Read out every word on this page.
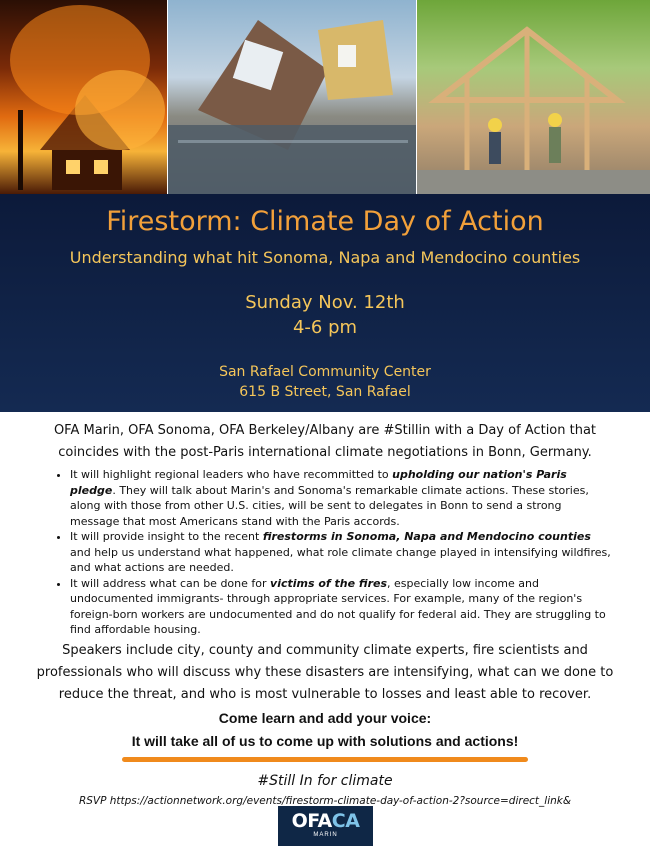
Firestorm: Climate Day of Action
Understanding what hit Sonoma, Napa and Mendocino counties
Sunday Nov. 12th
4-6 pm
San Rafael Community Center
615 B Street, San Rafael
OFA Marin, OFA Sonoma, OFA Berkeley/Albany are #Stillin with a Day of Action that coincides with the post-Paris international climate negotiations in Bonn, Germany.
• It will highlight regional leaders who have recommitted to upholding our nation's Paris pledge. They will talk about Marin's and Sonoma's remarkable climate actions. These stories, along with those from other U.S. cities, will be sent to delegates in Bonn to send a strong message that most Americans stand with the Paris accords.
• It will provide insight to the recent firestorms in Sonoma, Napa and Mendocino counties and help us understand what happened, what role climate change played in intensifying wildfires, and what actions are needed.
• It will address what can be done for victims of the fires, especially low income and undocumented immigrants- through appropriate services. For example, many of the region's foreign-born workers are undocumented and do not qualify for federal aid. They are struggling to find affordable housing.
Speakers include city, county and community climate experts, fire scientists and professionals who will discuss why these disasters are intensifying, what can we done to reduce the threat, and who is most vulnerable to losses and least able to recover.
Come learn and add your voice:
It will take all of us to come up with solutions and actions!
#Still In for climate
RSVP https://actionnetwork.org/events/firestorm-climate-day-of-action-2?source=direct_link&
OFACA
MARIN
